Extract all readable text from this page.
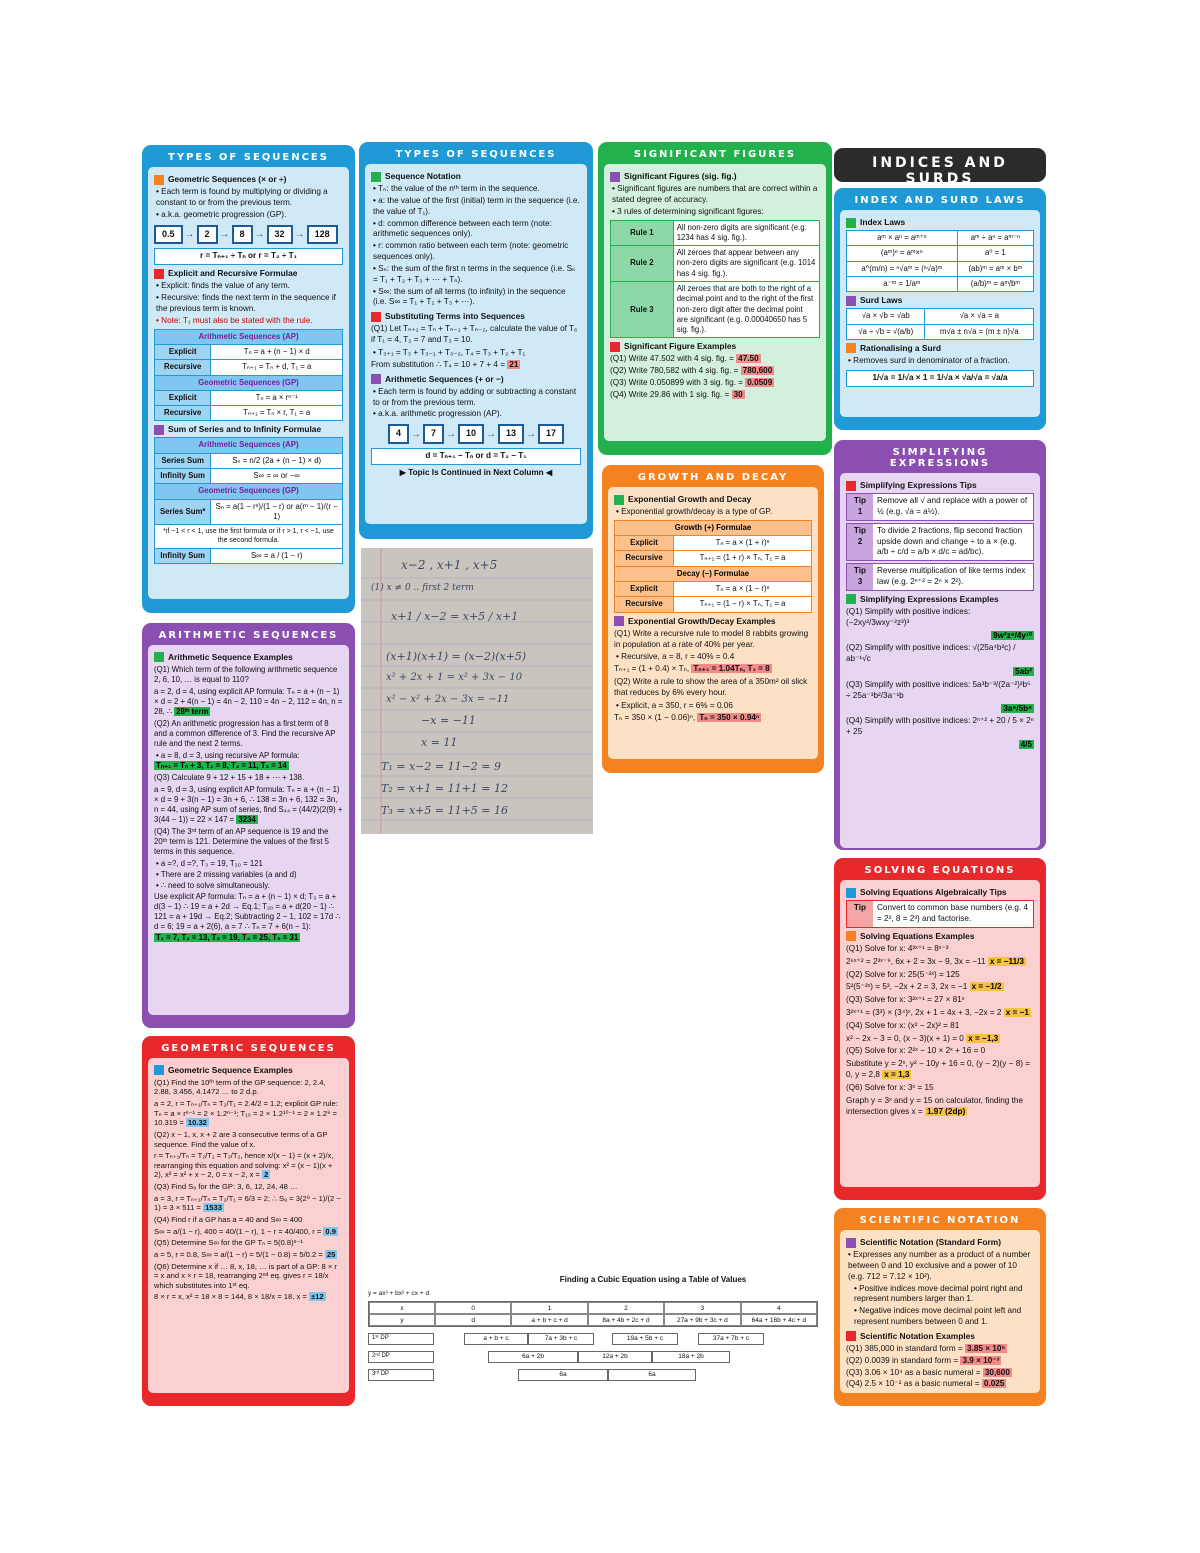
TYPES OF SEQUENCES
Geometric Sequences (× or ÷)
• Each term is found by multiplying or dividing a constant to or from the previous term.
• a.k.a. geometric progression (GP).
0.5	→	2	→	8	→	32	→	128
r = Tₙ₊₁ ÷ Tₙ or r = T₂ ÷ T₁
Explicit and Recursive Formulae
• Explicit: finds the value of any term.
• Recursive: finds the next term in the sequence if the previous term is known.
• Note: T₁ must also be stated with the rule.
Arithmetic Sequences (AP)	
Explicit	Tₙ = a + (n − 1) × d
Recursive	Tₙ₊₁ = Tₙ + d, T₁ = a
Geometric Sequences (GP)	
Explicit	Tₙ = a × rⁿ⁻¹
Recursive	Tₙ₊₁ = Tₙ × r, T₁ = a
Sum of Series and to Infinity Formulae
Arithmetic Sequences (AP)	
Series Sum	Sₙ = n/2 (2a + (n − 1) × d)
Infinity Sum	S∞ = ∞ or −∞
Geometric Sequences (GP)	
Series Sum*	Sₙ = a(1 − rⁿ)/(1 − r) or a(rⁿ − 1)/(r − 1)
*if −1 < r < 1, use the first formula or if r > 1, r < −1, use the second formula.	
Infinity Sum	S∞ = a / (1 − r)
TYPES OF SEQUENCES
Sequence Notation
• Tₙ: the value of the nᵗʰ term in the sequence.
• a: the value of the first (initial) term in the sequence (i.e. the value of T₁).
• d: common difference between each term (note: arithmetic sequences only).
• r: common ratio between each term (note: geometric sequences only).
• Sₙ: the sum of the first n terms in the sequence (i.e. Sₙ = T₁ + T₂ + T₃ + ⋯ + Tₙ).
• S∞: the sum of all terms (to infinity) in the sequence (i.e. S∞ = T₁ + T₂ + T₃ + ⋯).
Substituting Terms into Sequences
(Q1) Let Tₙ₊₁ = Tₙ + Tₙ₋₁ + Tₙ₋₂, calculate the value of T₆ if T₁ = 4, T₂ = 7 and T₃ = 10.
• T₃₊₁ = T₃ + T₃₋₁ + T₃₋₂, T₄ = T₃ + T₂ + T₁
From substitution ∴ T₄ = 10 + 7 + 4 = 21
Arithmetic Sequences (+ or −)
• Each term is found by adding or subtracting a constant to or from the previous term.
• a.k.a. arithmetic progression (AP).
4	→	7	→	10	→	13	→	17
d = Tₙ₊₁ − Tₙ or d = T₂ − T₁
▶ Topic Is Continued in Next Column ◀
x−2 , x+1 , x+5
(1) x ≠ 0 .. first 2 term
x+1 / x−2 = x+5 / x+1
(x+1)(x+1) = (x−2)(x+5)
x² + 2x + 1 = x² + 3x − 10
x² − x² + 2x − 3x = −11
−x = −11
x = 11
T₁ = x−2 = 11−2 = 9
T₂ = x+1 = 11+1 = 12
T₃ = x+5 = 11+5 = 16
SIGNIFICANT FIGURES
Significant Figures (sig. fig.)
• Significant figures are numbers that are correct within a stated degree of accuracy.
• 3 rules of determining significant figures:
Rule 1	All non-zero digits are significant (e.g. 1234 has 4 sig. fig.).
Rule 2	All zeroes that appear between any non-zero digits are significant (e.g. 1014 has 4 sig. fig.).
Rule 3	All zeroes that are both to the right of a decimal point and to the right of the first non-zero digit after the decimal point are significant (e.g. 0.00040650 has 5 sig. fig.).
Significant Figure Examples
(Q1) Write 47.502 with 4 sig. fig. = 47.50
(Q2) Write 780,582 with 4 sig. fig. = 780,600
(Q3) Write 0.050899 with 3 sig. fig. = 0.0509
(Q4) Write 29.86 with 1 sig. fig. = 30
GROWTH AND DECAY
Exponential Growth and Decay
• Exponential growth/decay is a type of GP.
Growth (+) Formulae	
Explicit	Tₙ = a × (1 + r)ⁿ
Recursive	Tₙ₊₁ = (1 + r) × Tₙ, T₁ = a
Decay (−) Formulae	
Explicit	Tₙ = a × (1 − r)ⁿ
Recursive	Tₙ₊₁ = (1 − r) × Tₙ, T₁ = a
Exponential Growth/Decay Examples
(Q1) Write a recursive rule to model 8 rabbits growing in population at a rate of 40% per year.
• Recursive, a = 8, r = 40% = 0.4
Tₙ₊₁ = (1 + 0.4) × Tₙ, Tₙ₊₁ = 1.04Tₙ, T₁ = 8
(Q2) Write a rule to show the area of a 350m² oil slick that reduces by 6% every hour.
• Explicit, a = 350, r = 6% = 0.06
Tₙ = 350 × (1 − 0.06)ⁿ, Tₙ = 350 × 0.94ⁿ
INDICES AND SURDS
INDEX AND SURD LAWS
Index Laws
aᵐ × aⁿ = aᵐ⁺ⁿ	aᵐ ÷ aⁿ = aᵐ⁻ⁿ
(aᵐ)ⁿ = aᵐ×ⁿ	a⁰ = 1
a^(m/n) = ⁿ√aᵐ = (ⁿ√a)ᵐ	(ab)ᵐ = aᵐ × bᵐ
a⁻ᵐ = 1/aᵐ	(a/b)ᵐ = aᵐ/bᵐ
Surd Laws
√a × √b = √ab	√a × √a = a
√a ÷ √b = √(a/b)	m√a ± n√a = (m ± n)√a
Rationalising a Surd
• Removes surd in denominator of a fraction.
1/√a = 1/√a × 1 = 1/√a × √a/√a = √a/a
SIMPLIFYING EXPRESSIONS
Simplifying Expressions Tips
Tip 1
Remove all √ and replace with a power of ½ (e.g. √a = a½).
Tip 2
To divide 2 fractions, flip second fraction upside down and change ÷ to a × (e.g. a/b ÷ c/d = a/b × d/c = ad/bc).
Tip 3
Reverse multiplication of like terms index law (e.g. 2ⁿ⁺² = 2ⁿ × 2²).
Simplifying Expressions Examples
(Q1) Simplify with positive indices: (−2xy²/3wxy⁻²z³)³
9w²z⁶/4y¹⁰
(Q2) Simplify with positive indices: √(25a⁴b²c) / ab⁻¹√c
5ab²
(Q3) Simplify with positive indices: 5a³b⁻³/(2a⁻²)³b⁵ ÷ 25a⁻³b²/3a⁻¹b
3a⁸/5b⁸
(Q4) Simplify with positive indices: 2ⁿ⁺² + 20 / 5 × 2ⁿ + 25
4/5
SOLVING EQUATIONS
Solving Equations Algebraically Tips
Tip	Convert to common base numbers (e.g. 4 = 2², 8 = 2³) and factorise.
Solving Equations Examples
(Q1) Solve for x: 4³ˣ⁺¹ = 8ˣ⁻³
2⁶ˣ⁺² = 2³ˣ⁻⁹, 6x + 2 = 3x − 9, 3x = −11 x = −11/3
(Q2) Solve for x: 25(5⁻²ˣ) = 125
5²(5⁻²ˣ) = 5³, −2x + 2 = 3, 2x = −1 x = −1/2
(Q3) Solve for x: 3²ˣ⁺¹ = 27 × 81ˣ
3²ˣ⁺¹ = (3³) × (3⁴)ˣ, 2x + 1 = 4x + 3, −2x = 2 x = −1
(Q4) Solve for x: (x² − 2x)² = 81
x² − 2x − 3 = 0, (x − 3)(x + 1) = 0 x = −1,3
(Q5) Solve for x: 2²ˣ − 10 × 2ˣ + 16 = 0
Substitute y = 2ˣ, y² − 10y + 16 = 0, (y − 2)(y − 8) = 0, y = 2,8 x = 1,3
(Q6) Solve for x: 3ˣ = 15
Graph y = 3ˣ and y = 15 on calculator, finding the intersection gives x = 1.97 (2dp)
SCIENTIFIC NOTATION
Scientific Notation (Standard Form)
• Expresses any number as a product of a number between 0 and 10 exclusive and a power of 10 (e.g. 712 = 7.12 × 10²).
• Positive indices move decimal point right and represent numbers larger than 1.
• Negative indices move decimal point left and represent numbers between 0 and 1.
Scientific Notation Examples
(Q1) 385,000 in standard form = 3.85 × 10⁵
(Q2) 0.0039 in standard form = 3.9 × 10⁻³
(Q3) 3.06 × 10⁴ as a basic numeral = 30,600
(Q4) 2.5 × 10⁻² as a basic numeral = 0.025
ARITHMETIC SEQUENCES
Arithmetic Sequence Examples
(Q1) Which term of the following arithmetic sequence 2, 6, 10, … is equal to 110?
a = 2, d = 4, using explicit AP formula: Tₙ = a + (n − 1) × d = 2 + 4(n − 1) = 4n − 2, 110 = 4n − 2, 112 = 4n, n = 28, ∴ 28ᵗʰ term
(Q2) An arithmetic progression has a first term of 8 and a common difference of 3. Find the recursive AP rule and the next 2 terms.
• a = 8, d = 3, using recursive AP formula:
Tₙ₊₁ = Tₙ + 3, T₁ = 8, T₂ = 11, T₃ = 14
(Q3) Calculate 9 + 12 + 15 + 18 + ⋯ + 138.
a = 9, d = 3, using explicit AP formula: Tₙ = a + (n − 1) × d = 9 + 3(n − 1) = 3n + 6, ∴ 138 = 3n + 6, 132 = 3n, n = 44, using AP sum of series, find S₄₄ = (44/2)(2(9) + 3(44 − 1)) = 22 × 147 = 3234
(Q4) The 3ʳᵈ term of an AP sequence is 19 and the 20ᵗʰ term is 121. Determine the values of the first 5 terms in this sequence.
• a =?, d =?, T₃ = 19, T₂₀ = 121
• There are 2 missing variables (a and d)
• ∴ need to solve simultaneously.
Use explicit AP formula: Tₙ = a + (n − 1) × d; T₃ = a + d(3 − 1) ∴ 19 = a + 2d → Eq.1; T₂₀ = a + d(20 − 1) ∴ 121 = a + 19d → Eq.2; Subtracting 2 − 1, 102 = 17d ∴ d = 6; 19 = a + 2(6), a = 7 ∴ Tₙ = 7 + 6(n − 1):
T₁ = 7, T₂ = 13, T₃ = 19, T₄ = 25, T₅ = 31
GEOMETRIC SEQUENCES
Geometric Sequence Examples
(Q1) Find the 10ᵗʰ term of the GP sequence: 2, 2.4, 2.88, 3.456, 4.1472 … to 2 d.p.
a = 2, r = Tₙ₊₁/Tₙ = T₂/T₁ = 2.4/2 = 1.2; explicit GP rule: Tₙ = a × rⁿ⁻¹ = 2 × 1.2ⁿ⁻¹; T₁₀ = 2 × 1.2¹⁰⁻¹ = 2 × 1.2⁹ = 10.319 = 10.32
(Q2) x − 1, x, x + 2 are 3 consecutive terms of a GP sequence. Find the value of x.
r = Tₙ₊₁/Tₙ = T₂/T₁ = T₃/T₂, hence x/(x − 1) = (x + 2)/x, rearranging this equation and solving: x² = (x − 1)(x + 2), x² = x² + x − 2, 0 = x − 2, x = 2
(Q3) Find S₉ for the GP: 3, 6, 12, 24, 48 …
a = 3, r = Tₙ₊₁/Tₙ = T₂/T₁ = 6/3 = 2; ∴ S₉ = 3(2⁹ − 1)/(2 − 1) = 3 × 511 = 1533
(Q4) Find r if a GP has a = 40 and S∞ = 400
S∞ = a/(1 − r), 400 = 40/(1 − r), 1 − r = 40/400, r = 0.9
(Q5) Determine S∞ for the GP Tₙ = 5(0.8)ⁿ⁻¹
a = 5, r = 0.8, S∞ = a/(1 − r) = 5/(1 − 0.8) = 5/0.2 = 25
(Q6) Determine x if … 8, x, 18, … is part of a GP: 8 × r = x and x × r = 18, rearranging 2ⁿᵈ eq. gives r = 18/x which substitutes into 1ˢᵗ eq.
8 × r = x, x² = 18 × 8 = 144, 8 × 18/x = 18, x = ±12
Finding a Cubic Equation using a Table of Values
y = ax³ + bx² + cx + d
x	0	1	2	3	4
y	d	a + b + c + d	8a + 4b + 2c + d	27a + 9b + 3c + d	64a + 16b + 4c + d
1ˢᵗ DP	a + b + c	7a + 3b + c	19a + 5b + c	37a + 7b + c
2ⁿᵈ DP	6a + 2b	12a + 2b	18a + 2b
3ʳᵈ DP	6a	6a
